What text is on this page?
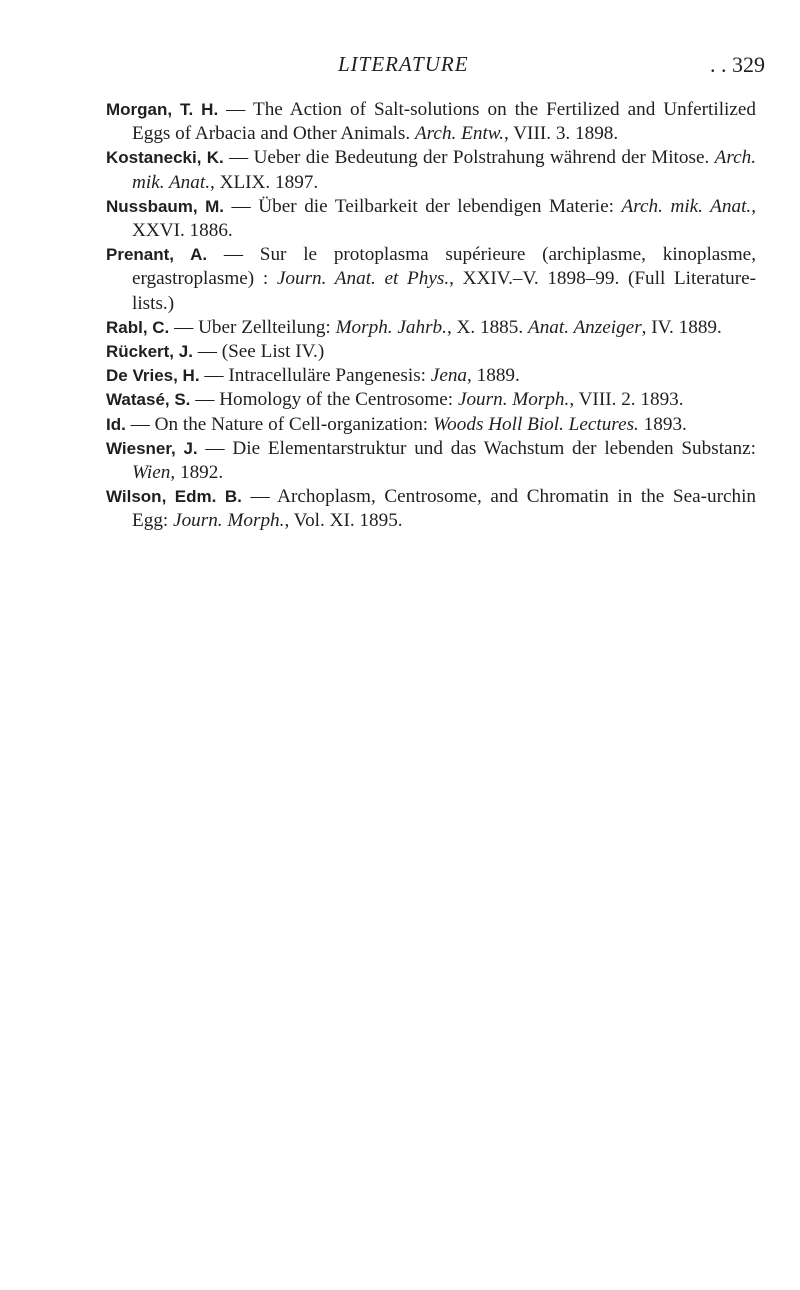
LITERATURE	. . 329

Morgan, T. H. — The Action of Salt-solutions on the Fertilized and Unfertilized Eggs of Arbacia and Other Animals. Arch. Entw., VIII. 3. 1898.

Kostanecki, K. — Ueber die Bedeutung der Polstrahung während der Mitose. Arch. mik. Anat., XLIX. 1897.

Nussbaum, M. — Über die Teilbarkeit der lebendigen Materie: Arch. mik. Anat., XXVI. 1886.

Prenant, A. — Sur le protoplasma supérieure (archiplasme, kinoplasme, ergastroplasme) : Journ. Anat. et Phys., XXIV.–V. 1898–99. (Full Literature-lists.)

Rabl, C. — Uber Zellteilung: Morph. Jahrb., X. 1885. Anat. Anzeiger, IV. 1889.

Rückert, J. — (See List IV.)

De Vries, H. — Intracelluläre Pangenesis: Jena, 1889.

Watasé, S. — Homology of the Centrosome: Journ. Morph., VIII. 2. 1893.

Id. — On the Nature of Cell-organization: Woods Holl Biol. Lectures. 1893.

Wiesner, J. — Die Elementarstruktur und das Wachstum der lebenden Substanz: Wien, 1892.

Wilson, Edm. B. — Archoplasm, Centrosome, and Chromatin in the Sea-urchin Egg: Journ. Morph., Vol. XI. 1895.
